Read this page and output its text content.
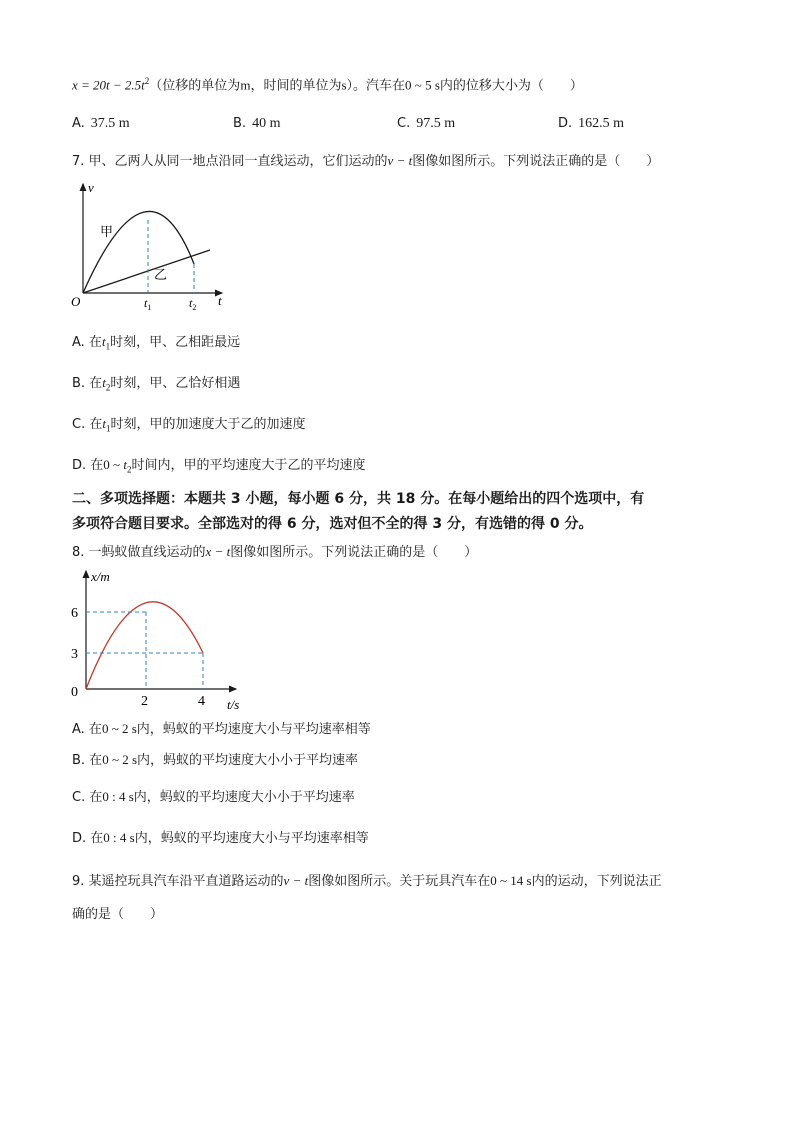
$x = 20t - 2.5t^2$（位移的单位为m，时间的单位为s）。汽车在0 ~ 5 s内的位移大小为（　　）
A. 37.5 m	B. 40 m	C. 97.5 m	D. 162.5 m
7. 甲、乙两人从同一地点沿同一直线运动，它们运动的v − t图像如图所示。下列说法正确的是（　　）
v
t
O
甲
乙
$t_1$	$t_2$
A. 在$t_1$时刻，甲、乙相距最远
B. 在$t_2$时刻，甲、乙恰好相遇
C. 在$t_1$时刻，甲的加速度大于乙的加速度
D. 在0 ~ $t_2$时间内，甲的平均速度大于乙的平均速度
二、多项选择题：本题共 3 小题，每小题 6 分，共 18 分。在每小题给出的四个选项中，有
多项符合题目要求。全部选对的得 6 分，选对但不全的得 3 分，有选错的得 0 分。
8. 一蚂蚁做直线运动的x − t图像如图所示。下列说法正确的是（　　）
x/m
t/s
6
3
0
2	4
A. 在0 ~ 2 s内，蚂蚁的平均速度大小与平均速率相等
B. 在0 ~ 2 s内，蚂蚁的平均速度大小小于平均速率
C. 在0 : 4 s内，蚂蚁的平均速度大小小于平均速率
D. 在0 : 4 s内，蚂蚁的平均速度大小与平均速率相等
9. 某遥控玩具汽车沿平直道路运动的v − t图像如图所示。关于玩具汽车在0 ~ 14 s内的运动，下列说法正
确的是（　　）
